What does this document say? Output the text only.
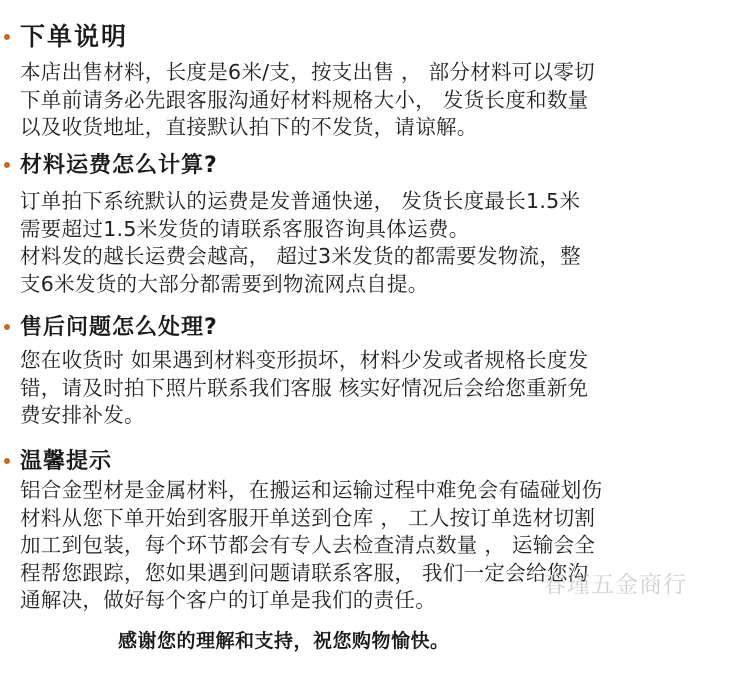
下单说明
本店出售材料，长度是6米/支，按支出售 ， 部分材料可以零切
下单前请务必先跟客服沟通好材料规格大小， 发货长度和数量
以及收货地址，直接默认拍下的不发货，请谅解。
材料运费怎么计算?
订单拍下系统默认的运费是发普通快递， 发货长度最长1.5米
需要超过1.5米发货的请联系客服咨询具体运费。
材料发的越长运费会越高， 超过3米发货的都需要发物流，整
支6米发货的大部分都需要到物流网点自提。
售后问题怎么处理?
您在收货时 如果遇到材料变形损坏，材料少发或者规格长度发
错，请及时拍下照片联系我们客服 核实好情况后会给您重新免
费安排补发。
温馨提示
铝合金型材是金属材料，在搬运和运输过程中难免会有磕碰划伤
材料从您下单开始到客服开单送到仓库 ， 工人按订单选材切割
加工到包装，每个环节都会有专人去检查清点数量 ， 运输会全
程帮您跟踪，您如果遇到问题请联系客服， 我们一定会给您沟
通解决，做好每个客户的订单是我们的责任。
春瑾五金商行
感谢您的理解和支持，祝您购物愉快。
